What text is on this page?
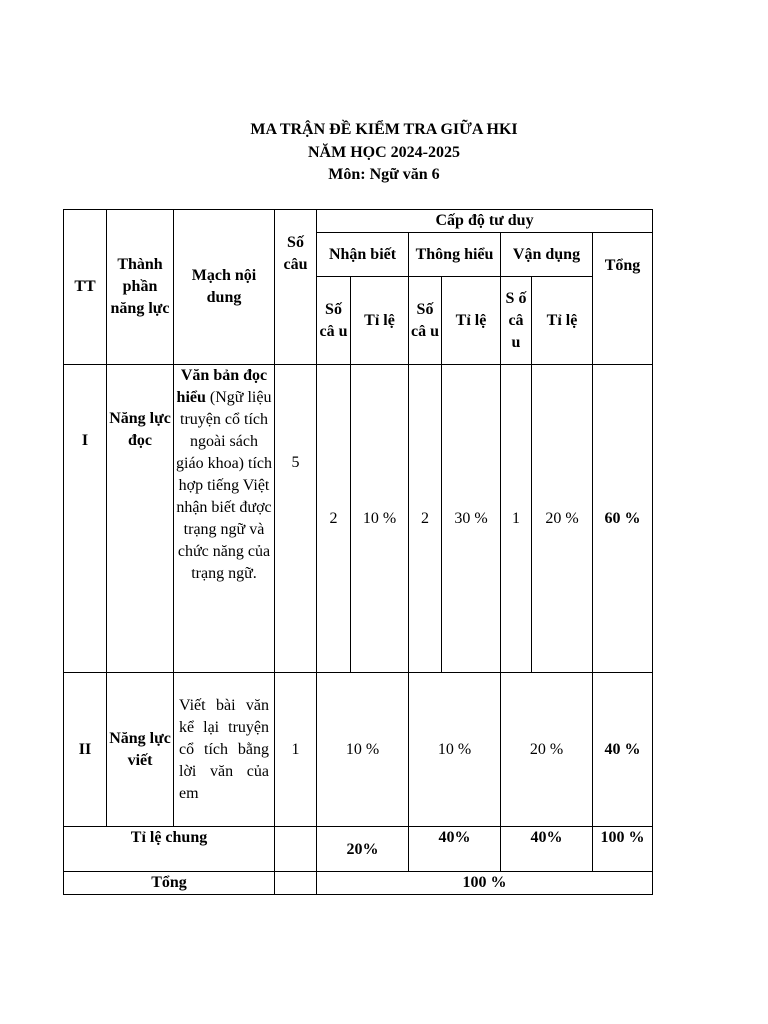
MA TRẬN ĐỀ KIỂM TRA GIỮA HKI
NĂM HỌC 2024-2025
Môn: Ngữ văn 6
TT	Thành phần năng lực	Mạch nội dung	Số câu	Cấp độ tư duy						
				Nhận biết		Thông hiểu		Vận dụng		Tổng
				Số câ u	Tỉ lệ	Số câ u	Tỉ lệ	S ố câ u	Tỉ lệ	
I	Năng lực đọc	Văn bản đọc hiểu (Ngữ liệu truyện cổ tích ngoài sách giáo khoa) tích hợp tiếng Việt nhận biết được trạng ngữ và chức năng của trạng ngữ.	5	2	10 %	2	30 %	1	20 %	60 %
II	Năng lực viết	Viết bài văn kể lại truyện cổ tích bằng lời văn của em	1	10 %		10 %		20 %		40 %
Tỉ lệ chung				20%		40%		40%		100 %
Tổng				100 %						
